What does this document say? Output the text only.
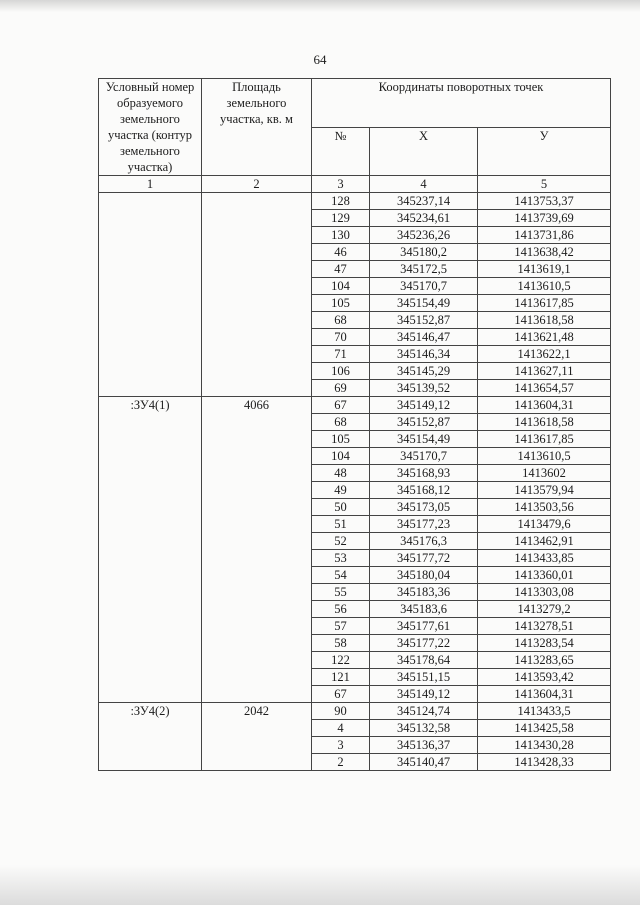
64
Условный номер образуемого земельного участка (контур земельного участка)	Площадь земельного участка, кв. м	Координаты поворотных точек		
		№	X	У
1	2	3	4	5
		128	345237,14	1413753,37
		129	345234,61	1413739,69
		130	345236,26	1413731,86
		46	345180,2	1413638,42
		47	345172,5	1413619,1
		104	345170,7	1413610,5
		105	345154,49	1413617,85
		68	345152,87	1413618,58
		70	345146,47	1413621,48
		71	345146,34	1413622,1
		106	345145,29	1413627,11
		69	345139,52	1413654,57
:ЗУ4(1)	4066	67	345149,12	1413604,31
		68	345152,87	1413618,58
		105	345154,49	1413617,85
		104	345170,7	1413610,5
		48	345168,93	1413602
		49	345168,12	1413579,94
		50	345173,05	1413503,56
		51	345177,23	1413479,6
		52	345176,3	1413462,91
		53	345177,72	1413433,85
		54	345180,04	1413360,01
		55	345183,36	1413303,08
		56	345183,6	1413279,2
		57	345177,61	1413278,51
		58	345177,22	1413283,54
		122	345178,64	1413283,65
		121	345151,15	1413593,42
		67	345149,12	1413604,31
:ЗУ4(2)	2042	90	345124,74	1413433,5
		4	345132,58	1413425,58
		3	345136,37	1413430,28
		2	345140,47	1413428,33
